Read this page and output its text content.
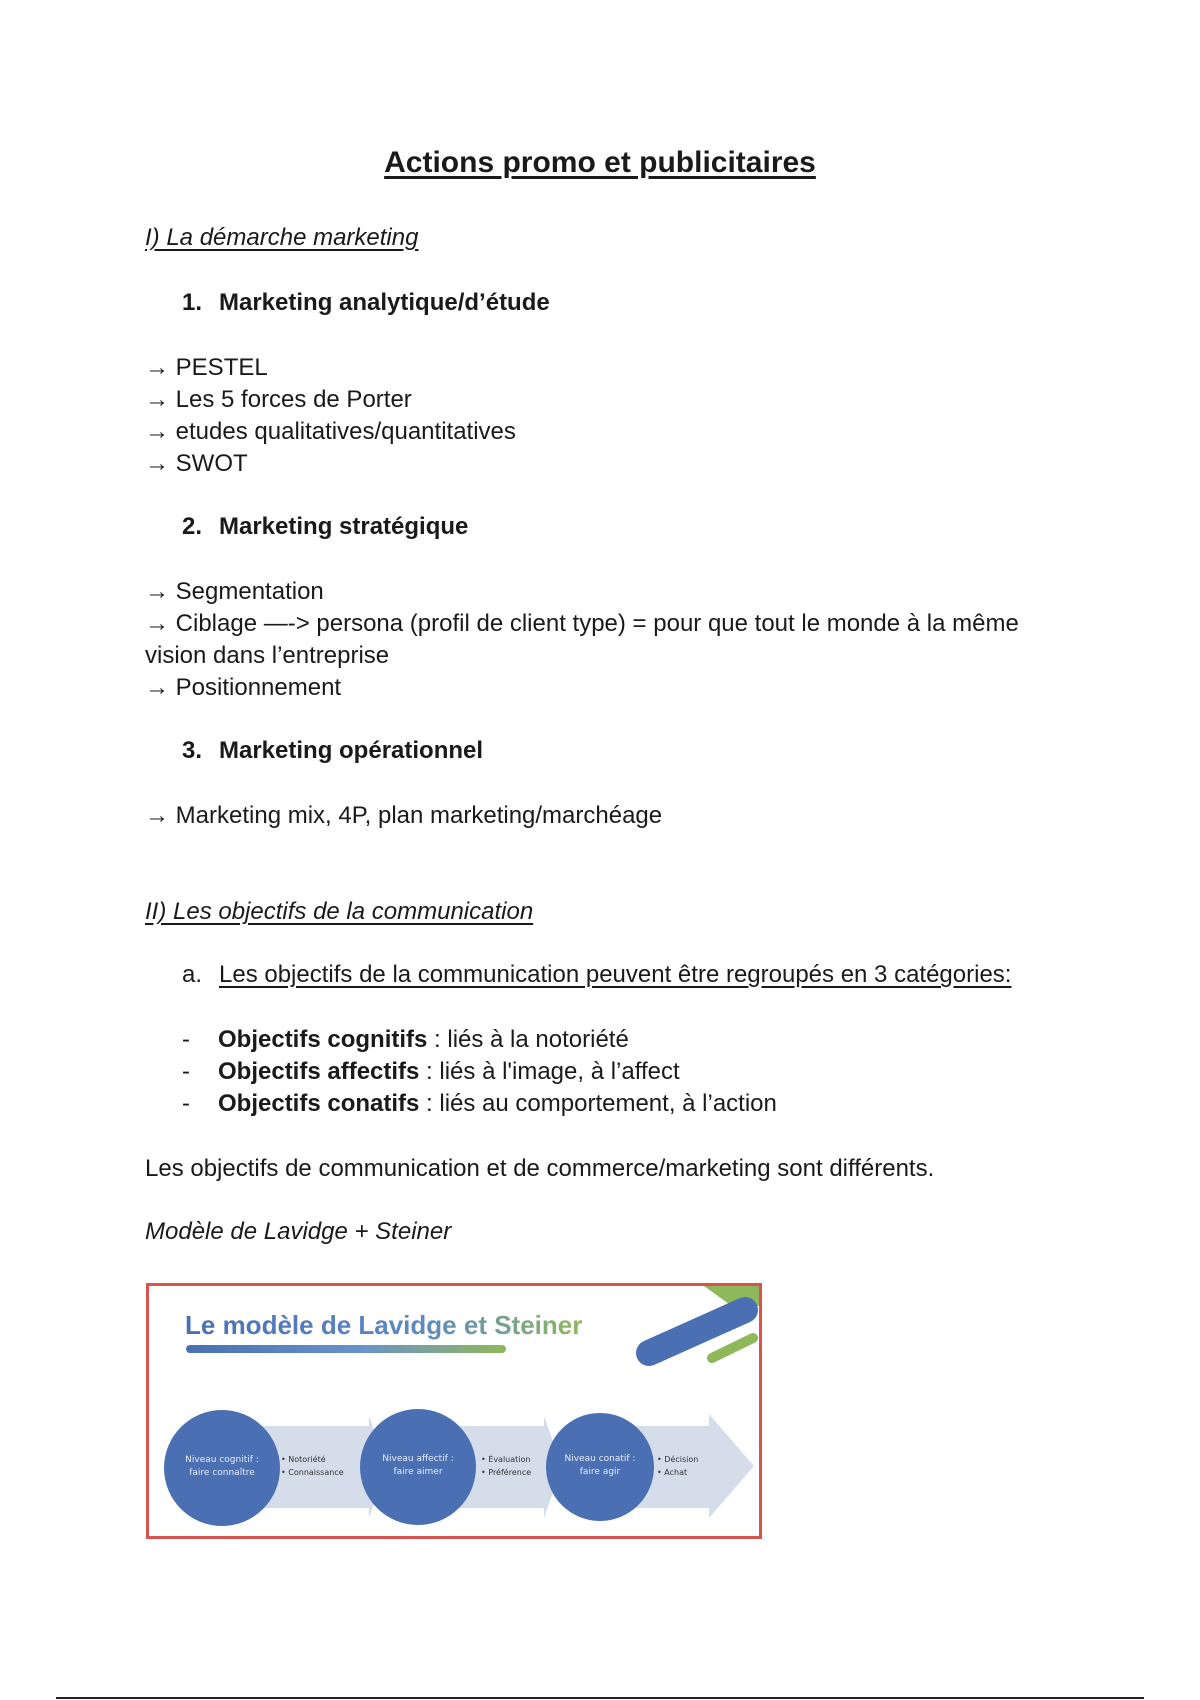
Actions promo et publicitaires
I) La démarche marketing
1. Marketing analytique/d’étude
→ PESTEL
→ Les 5 forces de Porter
→ etudes qualitatives/quantitatives
→ SWOT
2. Marketing stratégique
→ Segmentation
→ Ciblage —-> persona (profil de client type) = pour que tout le monde à la même
vision dans l’entreprise
→ Positionnement
3. Marketing opérationnel
→ Marketing mix, 4P, plan marketing/marchéage
II) Les objectifs de la communication
a. Les objectifs de la communication peuvent être regroupés en 3 catégories:
- Objectifs cognitifs : liés à la notoriété
- Objectifs affectifs : liés à l'image, à l’affect
- Objectifs conatifs : liés au comportement, à l’action
Les objectifs de communication et de commerce/marketing sont différents.
Modèle de Lavidge + Steiner
Le modèle de Lavidge et Steiner
Niveau cognitif :
faire connaître
• Notoriété
• Connaissance
Niveau affectif :
faire aimer
• Évaluation
• Préférence
Niveau conatif :
faire agir
• Décision
• Achat
